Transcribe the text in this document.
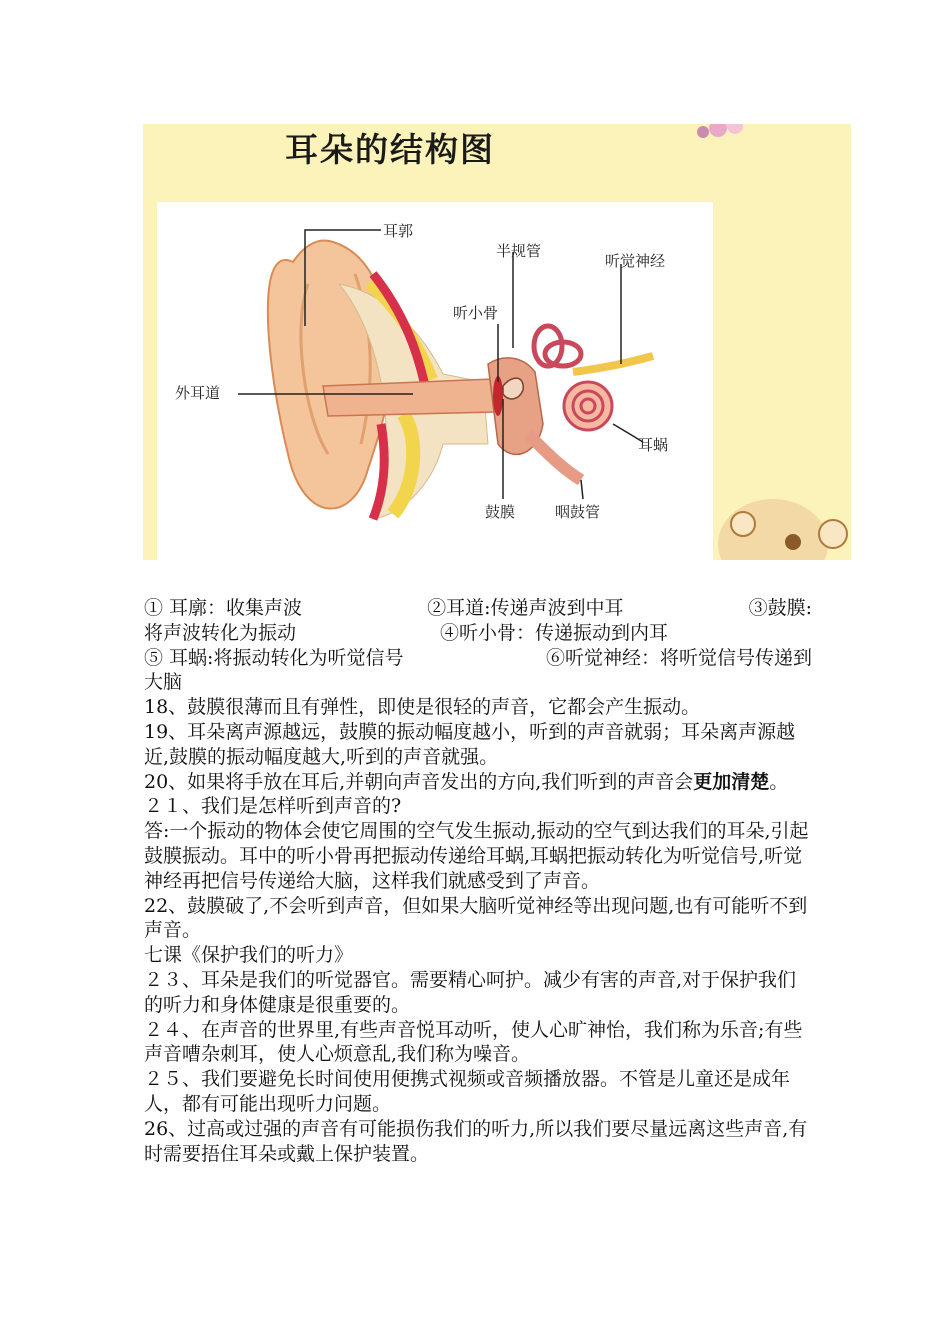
耳朵的结构图
耳郭
半规管
听觉神经
听小骨
外耳道
耳蜗
鼓膜	咽鼓管
① 耳廓：收集声波	②耳道:传递声波到中耳	③鼓膜:
将声波转化为振动	④听小骨：传递振动到内耳
⑤ 耳蜗:将振动转化为听觉信号	⑥听觉神经：将听觉信号传递到

大脑

18、鼓膜很薄而且有弹性，即使是很轻的声音，它都会产生振动。

19、耳朵离声源越远，鼓膜的振动幅度越小，听到的声音就弱；耳朵离声源越近,鼓膜的振动幅度越大,听到的声音就强。

20、如果将手放在耳后,并朝向声音发出的方向,我们听到的声音会更加清楚。

２１、我们是怎样听到声音的?

答:一个振动的物体会使它周围的空气发生振动,振动的空气到达我们的耳朵,引起鼓膜振动。耳中的听小骨再把振动传递给耳蜗,耳蜗把振动转化为听觉信号,听觉神经再把信号传递给大脑，这样我们就感受到了声音。

22、鼓膜破了,不会听到声音，但如果大脑听觉神经等出现问题,也有可能听不到声音。

七课《保护我们的听力》

２３、耳朵是我们的听觉器官。需要精心呵护。减少有害的声音,对于保护我们的听力和身体健康是很重要的。

２４、在声音的世界里,有些声音悦耳动听，使人心旷神怡，我们称为乐音;有些声音嘈杂刺耳，使人心烦意乱,我们称为噪音。

２５、我们要避免长时间使用便携式视频或音频播放器。不管是儿童还是成年人，都有可能出现听力问题。

26、过高或过强的声音有可能损伤我们的听力,所以我们要尽量远离这些声音,有时需要捂住耳朵或戴上保护装置。
